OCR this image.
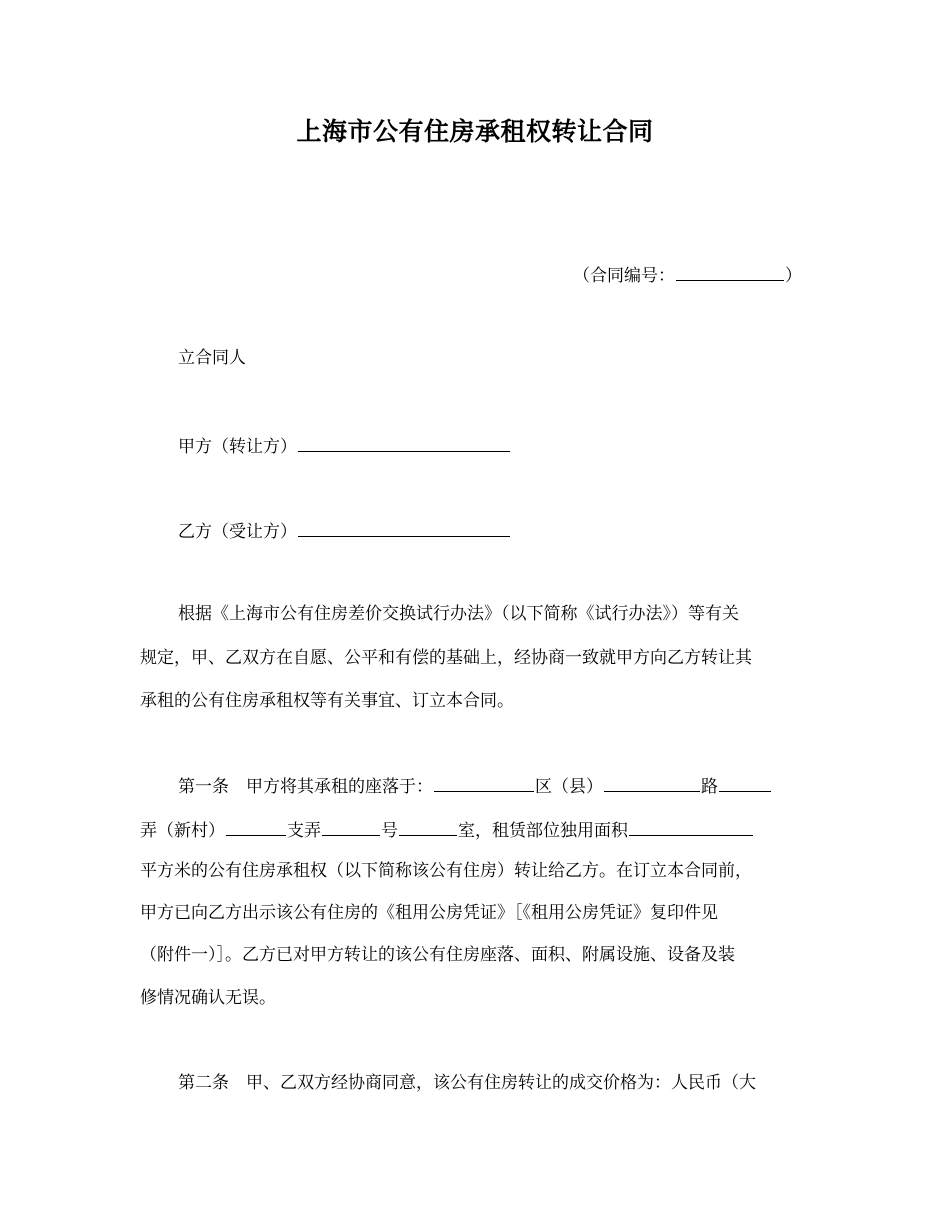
上海市公有住房承租权转让合同
（合同编号：	）
立合同人
甲方（转让方）
乙方（受让方）
根据《上海市公有住房差价交换试行办法》（以下简称《试行办法》）等有关
规定，甲、乙双方在自愿、公平和有偿的基础上，经协商一致就甲方向乙方转让其
承租的公有住房承租权等有关事宜、订立本合同。
第一条　甲方将其承租的座落于：	区（县）	路
弄（新村）	支弄	号	室，租赁部位独用面积
平方米的公有住房承租权（以下简称该公有住房）转让给乙方。在订立本合同前，
甲方已向乙方出示该公有住房的《租用公房凭证》［《租用公房凭证》复印件见
（附件一）］。乙方已对甲方转让的该公有住房座落、面积、附属设施、设备及装
修情况确认无误。
第二条　甲、乙双方经协商同意，该公有住房转让的成交价格为：人民币（大
